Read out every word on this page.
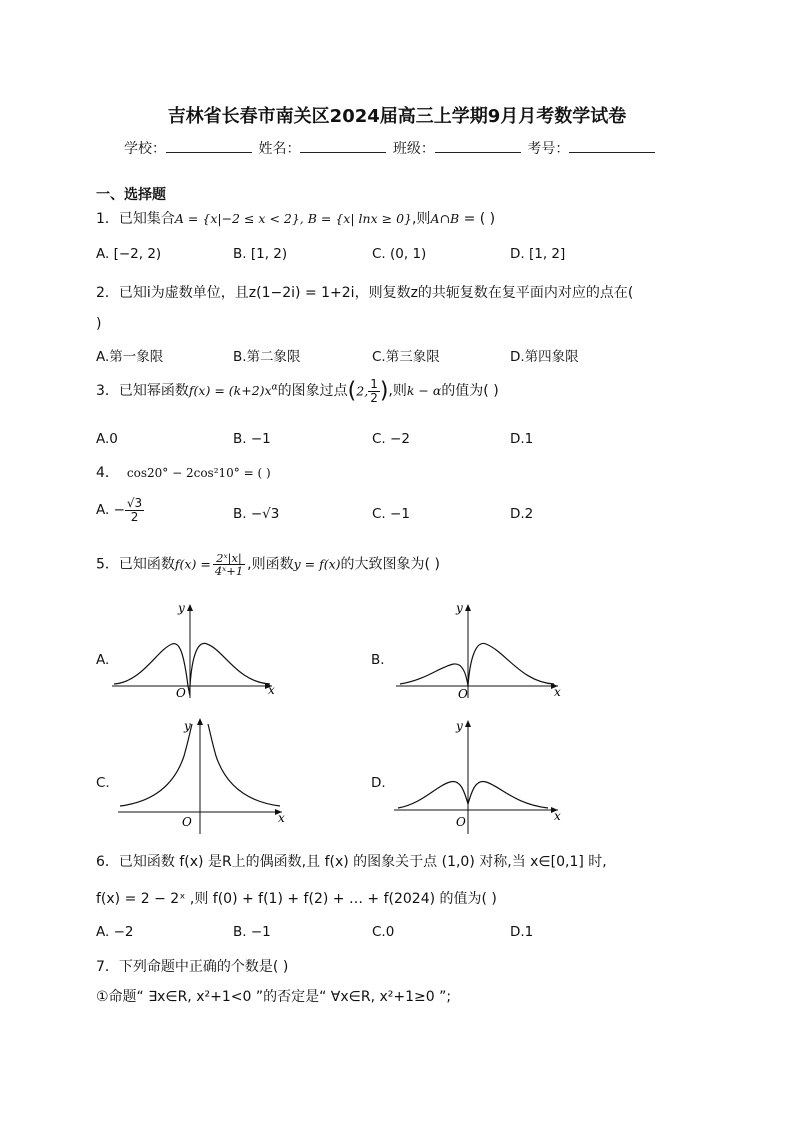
吉林省长春市南关区2024届高三上学期9月月考数学试卷
学校：	姓名：	班级：	考号：
一、选择题
1．已知集合A = {x|−2 ≤ x < 2}, B = {x| lnx ≥ 0},则A∩B = ( )
A. [−2, 2)	B. [1, 2)	C. (0, 1)	D. [1, 2]
2．已知i为虚数单位，且z(1−2i) = 1+2i，则复数z的共轭复数在复平面内对应的点在(
)
A.第一象限	B.第二象限	C.第三象限	D.第四象限
3．已知幂函数$f(x) = (k+2)x^\alpha$的图象过点(2, $\frac{1}{2}$ ),则k − α的值为( )
A.0	B. −1	C. −2	D.1
4． cos20° − 2cos²10° = ( )
A. − $\frac{√3}{2}$	B. −√3	C. −1	D.2
5．已知函数$f(x) = \frac{\text{2ˣ|x|}}{\text{4ˣ+1}}$ ,则函数y = f(x)的大致图象为( )
A.
O	x
y
B.
O	x
y
C.
O	x
y
D.
O	x
y
6．已知函数 f(x) 是R上的偶函数,且 f(x) 的图象关于点 (1,0) 对称,当 x∈[0,1] 时,
f(x) = 2 − 2ˣ ,则 f(0) + f(1) + f(2) + … + f(2024) 的值为( )
A. −2	B. −1	C.0	D.1
7．下列命题中正确的个数是( )
①命题“ ∃x∈R, x²+1<0 ”的否定是“ ∀x∈R, x²+1≥0 ”;
